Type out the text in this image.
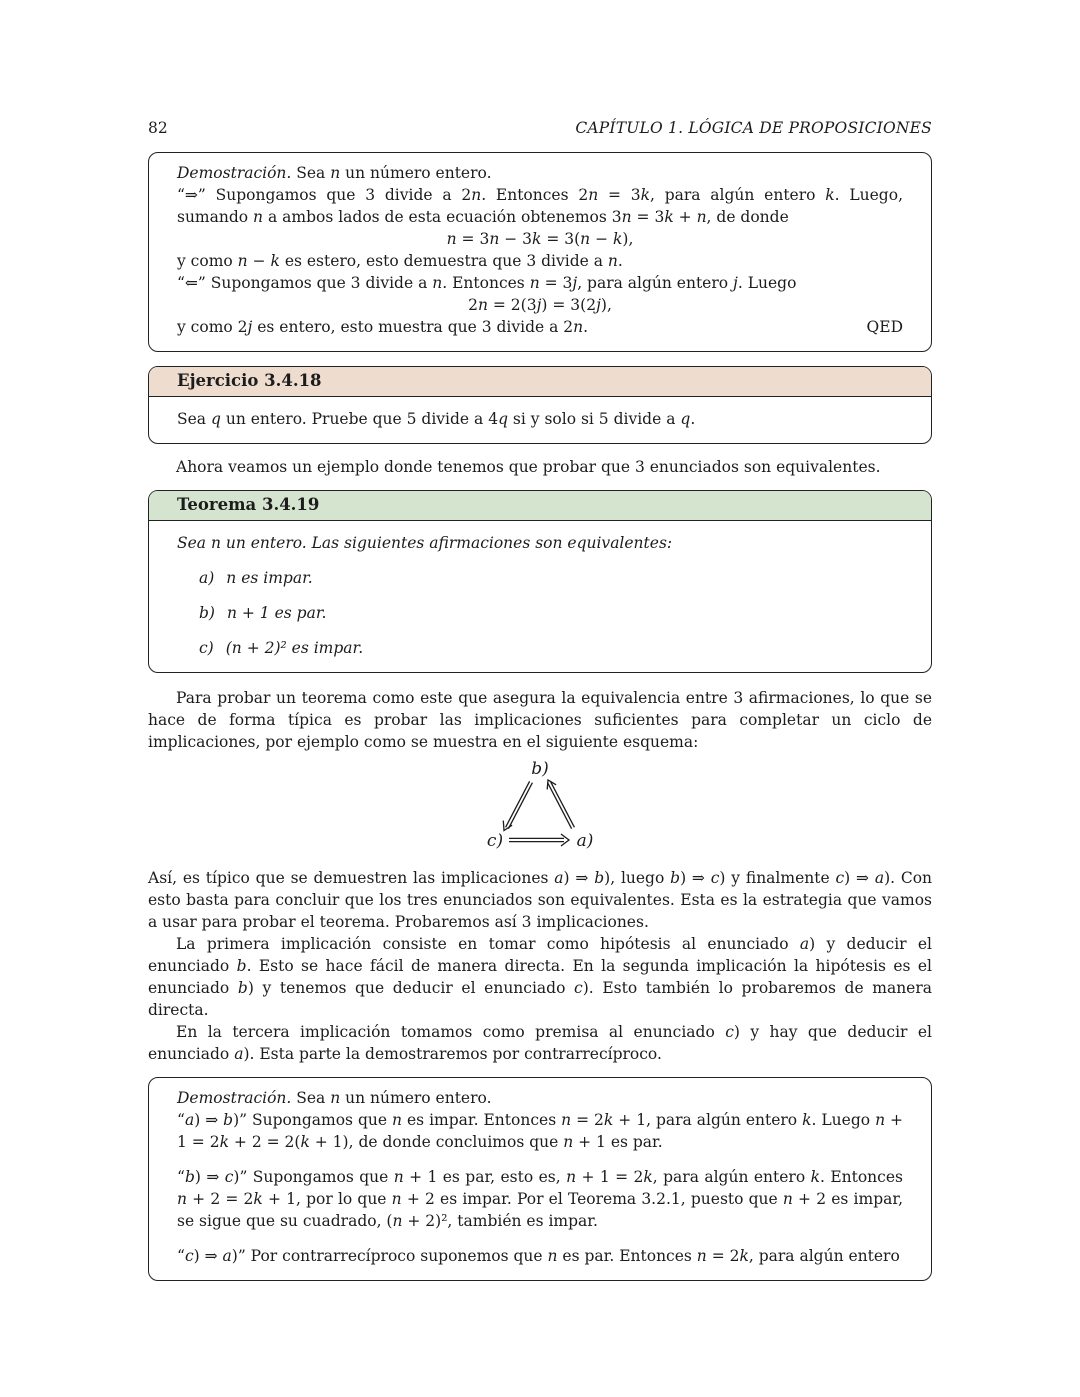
82	CAPÍTULO 1. LÓGICA DE PROPOSICIONES

Demostración. Sea n un número entero.

“⇒” Supongamos que 3 divide a 2n. Entonces 2n = 3k, para algún entero k. Luego, sumando n a ambos lados de esta ecuación obtenemos 3n = 3k + n, de donde

n = 3n − 3k = 3(n − k),

y como n − k es estero, esto demuestra que 3 divide a n.

“⇐” Supongamos que 3 divide a n. Entonces n = 3j, para algún entero j. Luego

2n = 2(3j) = 3(2j),

y como 2j es entero, esto muestra que 3 divide a 2n.	QED
Ejercicio 3.4.18
Sea q un entero. Pruebe que 5 divide a 4q si y solo si 5 divide a q.

Ahora veamos un ejemplo donde tenemos que probar que 3 enunciados son equivalentes.

Teorema 3.4.19

Sea n un entero. Las siguientes afirmaciones son equivalentes:

a) n es impar.
b) n + 1 es par.
c) (n + 2)² es impar.

Para probar un teorema como este que asegura la equivalencia entre 3 afirmaciones, lo que se hace de forma típica es probar las implicaciones suficientes para completar un ciclo de implicaciones, por ejemplo como se muestra en el siguiente esquema:

b)
c)	a)

Así, es típico que se demuestren las implicaciones a) ⇒ b), luego b) ⇒ c) y finalmente c) ⇒ a). Con esto basta para concluir que los tres enunciados son equivalentes. Esta es la estrategia que vamos a usar para probar el teorema. Probaremos así 3 implicaciones.

La primera implicación consiste en tomar como hipótesis al enunciado a) y deducir el enunciado b. Esto se hace fácil de manera directa. En la segunda implicación la hipótesis es el enunciado b) y tenemos que deducir el enunciado c). Esto también lo probaremos de manera directa.

En la tercera implicación tomamos como premisa al enunciado c) y hay que deducir el enunciado a). Esta parte la demostraremos por contrarrecíproco.

Demostración. Sea n un número entero.

“a) ⇒ b)” Supongamos que n es impar. Entonces n = 2k + 1, para algún entero k. Luego n + 1 = 2k + 2 = 2(k + 1), de donde concluimos que n + 1 es par.

“b) ⇒ c)” Supongamos que n + 1 es par, esto es, n + 1 = 2k, para algún entero k. Entonces n + 2 = 2k + 1, por lo que n + 2 es impar. Por el Teorema 3.2.1, puesto que n + 2 es impar, se sigue que su cuadrado, (n + 2)², también es impar.

“c) ⇒ a)” Por contrarrecíproco suponemos que n es par. Entonces n = 2k, para algún entero
